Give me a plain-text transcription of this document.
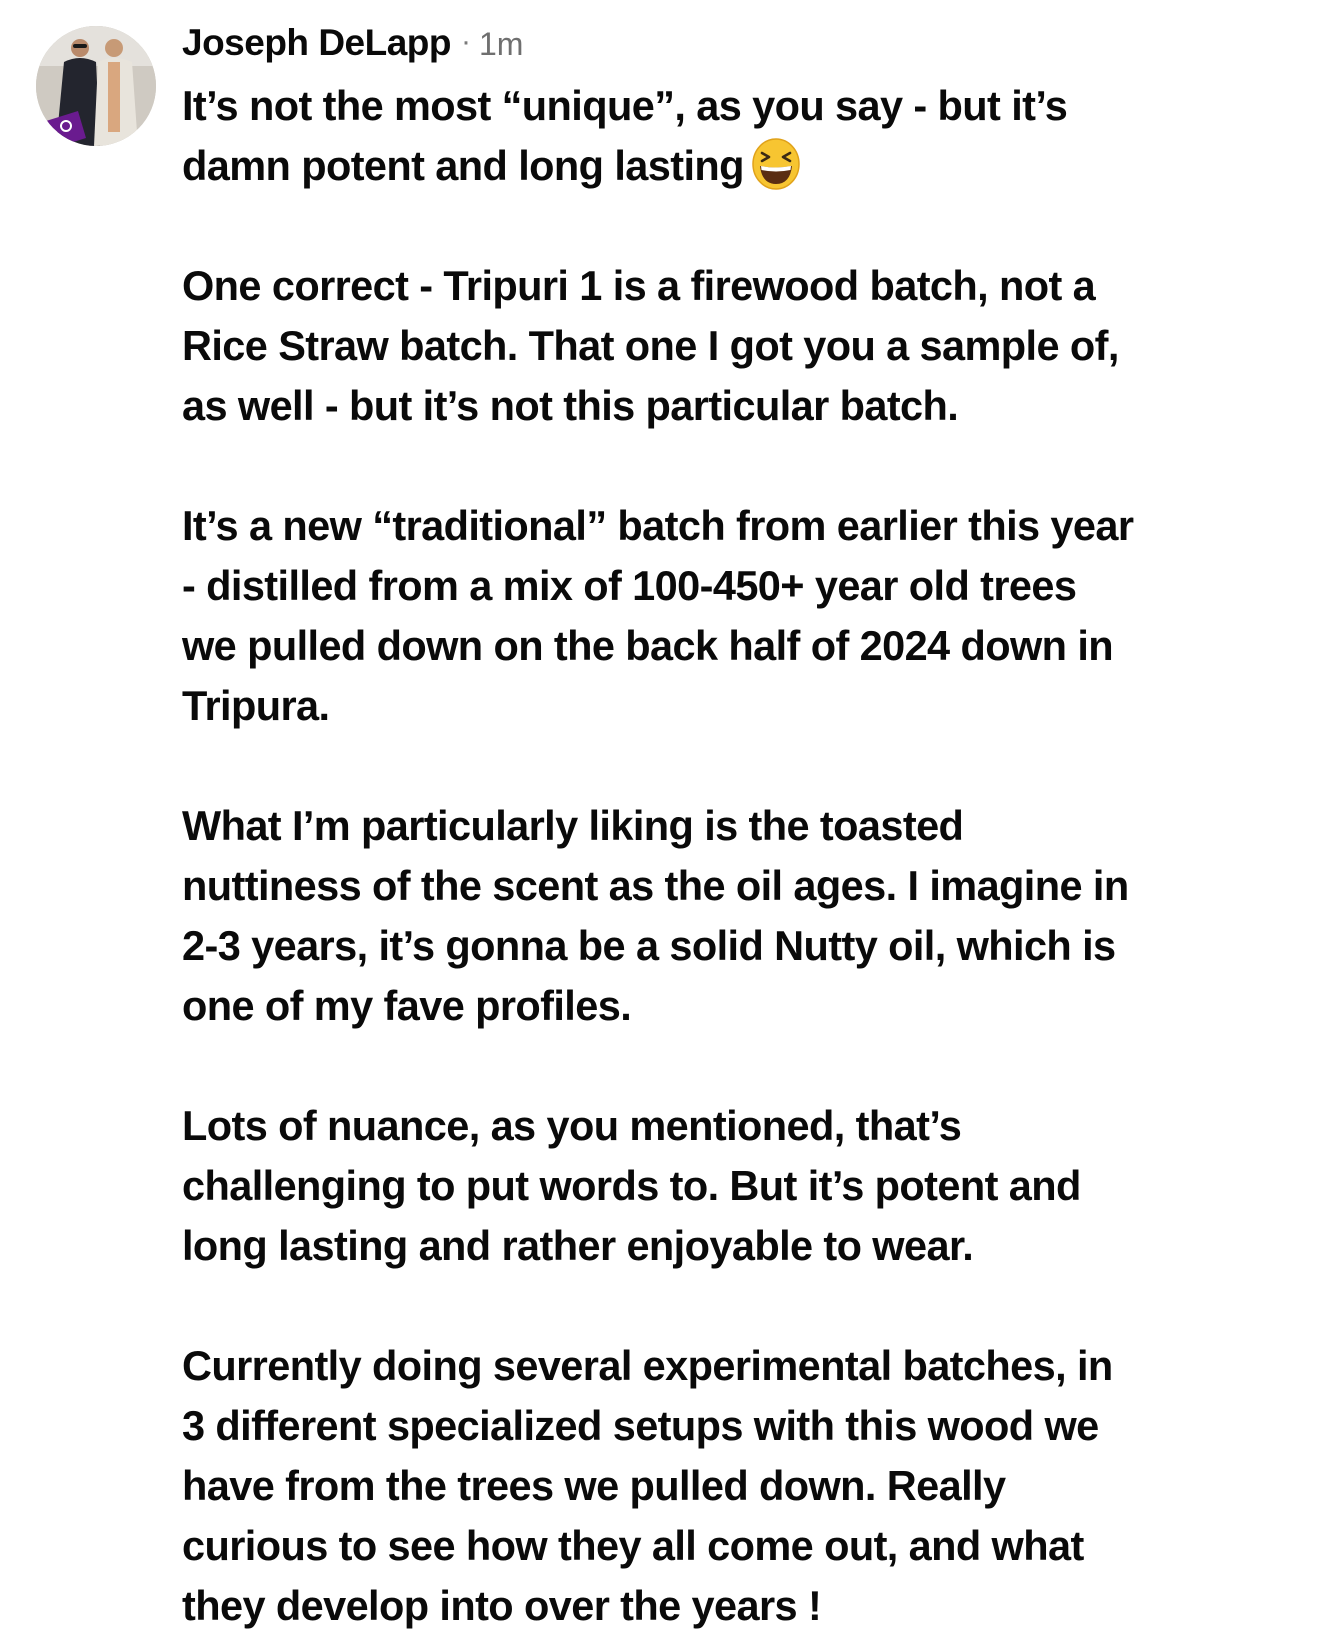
Joseph DeLapp · 1m

It’s not the most “unique”, as you say - but it’s
damn potent and long lasting

One correct - Tripuri 1 is a firewood batch, not a
Rice Straw batch. That one I got you a sample of,
as well - but it’s not this particular batch.

It’s a new “traditional” batch from earlier this year
- distilled from a mix of 100-450+ year old trees
we pulled down on the back half of 2024 down in
Tripura.

What I’m particularly liking is the toasted
nuttiness of the scent as the oil ages. I imagine in
2-3 years, it’s gonna be a solid Nutty oil, which is
one of my fave profiles.

Lots of nuance, as you mentioned, that’s
challenging to put words to. But it’s potent and
long lasting and rather enjoyable to wear.

Currently doing several experimental batches, in
3 different specialized setups with this wood we
have from the trees we pulled down. Really
curious to see how they all come out, and what
they develop into over the years !
